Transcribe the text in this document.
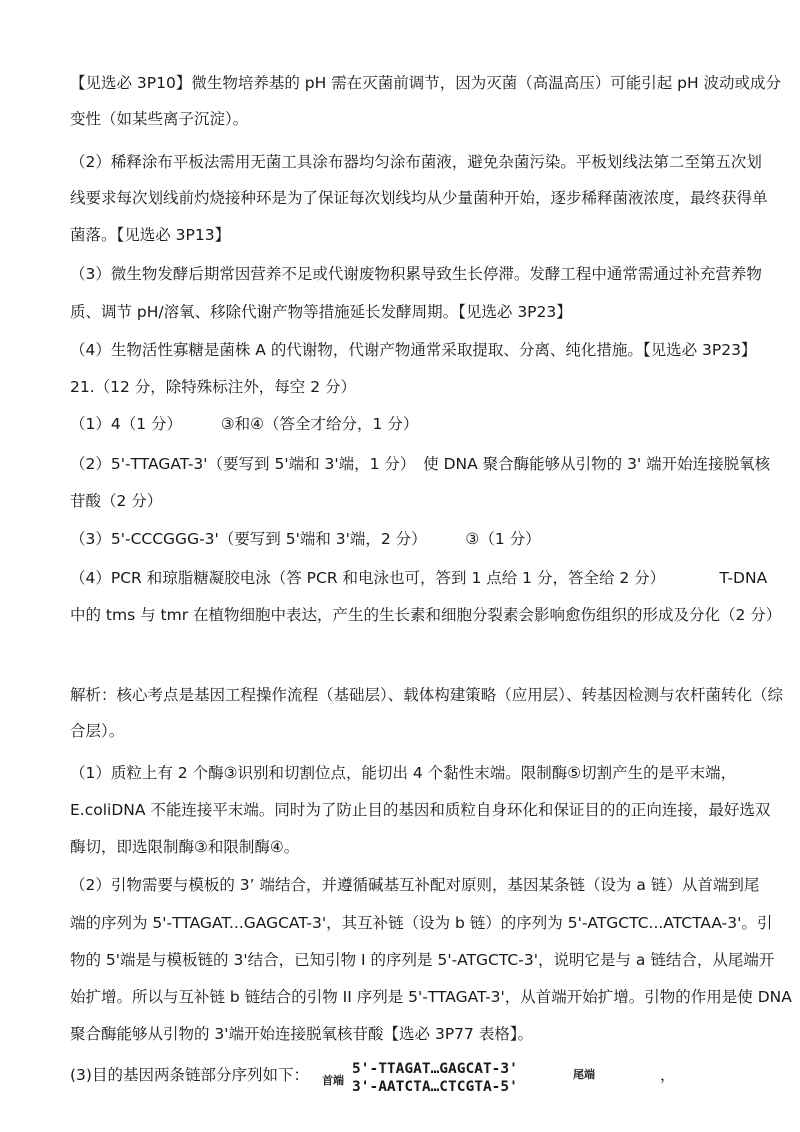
【见选必 3P10】微生物培养基的 pH 需在灭菌前调节，因为灭菌（高温高压）可能引起 pH 波动或成分
变性（如某些离子沉淀）。
（2）稀释涂布平板法需用无菌工具涂布器均匀涂布菌液，避免杂菌污染。平板划线法第二至第五次划
线要求每次划线前灼烧接种环是为了保证每次划线均从少量菌种开始，逐步稀释菌液浓度，最终获得单
菌落。【见选必 3P13】
（3）微生物发酵后期常因营养不足或代谢废物积累导致生长停滞。发酵工程中通常需通过补充营养物
质、调节 pH/溶氧、移除代谢产物等措施延长发酵周期。【见选必 3P23】
（4）生物活性寡糖是菌株 A 的代谢物，代谢产物通常采取提取、分离、纯化措施。【见选必 3P23】
21.（12 分，除特殊标注外，每空 2 分）
（1）4（1 分）　　　③和④（答全才给分，1 分）
（2）5'-TTAGAT-3'（要写到 5'端和 3'端，1 分）　使 DNA 聚合酶能够从引物的 3' 端开始连接脱氧核
苷酸（2 分）
（3）5'-CCCGGG-3'（要写到 5'端和 3'端，2 分）　　　③（1 分）
（4）PCR 和琼脂糖凝胶电泳（答 PCR 和电泳也可，答到 1 点给 1 分，答全给 2 分）　　　　T-DNA
中的 tms 与 tmr 在植物细胞中表达，产生的生长素和细胞分裂素会影响愈伤组织的形成及分化（2 分）
解析：核心考点是基因工程操作流程（基础层）、载体构建策略（应用层）、转基因检测与农杆菌转化（综
合层）。
（1）质粒上有 2 个酶③识别和切割位点，能切出 4 个黏性末端。限制酶⑤切割产生的是平末端，
E.coliDNA 不能连接平末端。同时为了防止目的基因和质粒自身环化和保证目的的正向连接，最好选双
酶切，即选限制酶③和限制酶④。
（2）引物需要与模板的 3’ 端结合，并遵循碱基互补配对原则，基因某条链（设为 a 链）从首端到尾
端的序列为 5'-TTAGAT...GAGCAT-3'，其互补链（设为 b 链）的序列为 5'-ATGCTC...ATCTAA-3'。引
物的 5'端是与模板链的 3'结合，已知引物 I 的序列是 5'-ATGCTC-3'，说明它是与 a 链结合，从尾端开
始扩增。所以与互补链 b 链结合的引物 II 序列是 5'-TTAGAT-3'，从首端开始扩增。引物的作用是使 DNA
聚合酶能够从引物的 3'端开始连接脱氧核苷酸【选必 3P77 表格】。
(3)目的基因两条链部分序列如下： 首端
5'-TTAGAT…GAGCAT-3'
3'-AATCTA…CTCGTA-5'
尾端	，
